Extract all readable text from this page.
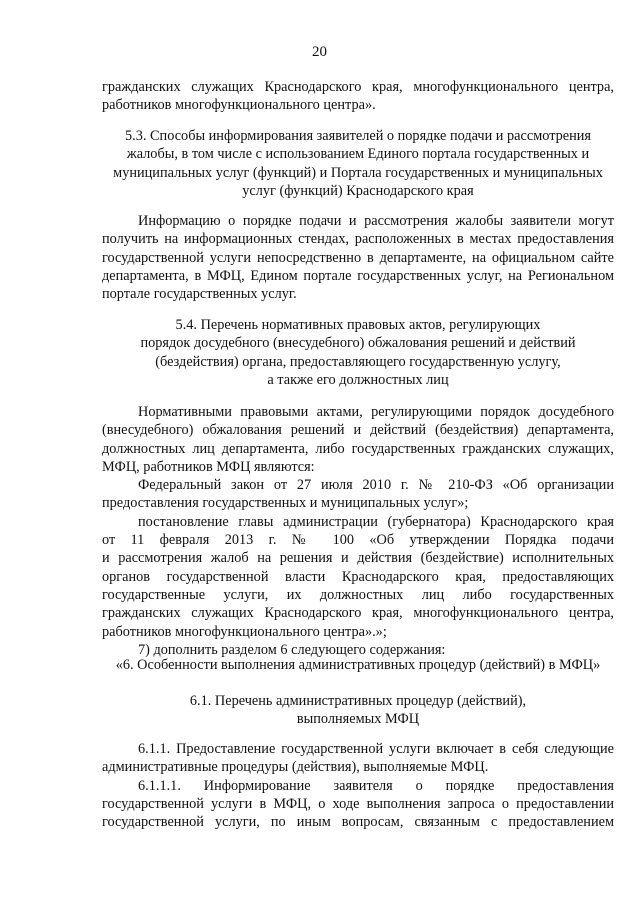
20
гражданских служащих Краснодарского края, многофункционального центра,
работников многофункционального центра».
5.3. Способы информирования заявителей о порядке подачи и рассмотрения
жалобы, в том числе с использованием Единого портала государственных и
муниципальных услуг (функций) и Портала государственных и муниципальных
услуг (функций) Краснодарского края
Информацию о порядке подачи и рассмотрения жалобы заявители могут
получить на информационных стендах, расположенных в местах предоставления
государственной услуги непосредственно в департаменте, на официальном сайте
департамента, в МФЦ, Едином портале государственных услуг, на Региональном
портале государственных услуг.
5.4. Перечень нормативных правовых актов, регулирующих
порядок досудебного (внесудебного) обжалования решений и действий
(бездействия) органа, предоставляющего государственную услугу,
а также его должностных лиц
Нормативными правовыми актами, регулирующими порядок досудебного
(внесудебного) обжалования решений и действий (бездействия) департамента,
должностных лиц департамента, либо государственных гражданских служащих,
МФЦ, работников МФЦ являются:
Федеральный закон от 27 июля 2010 г. № 210-ФЗ «Об организации
предоставления государственных и муниципальных услуг»;
постановление главы администрации (губернатора) Краснодарского края
от 11 февраля 2013 г. № 100 «Об утверждении Порядка подачи
и рассмотрения жалоб на решения и действия (бездействие) исполнительных
органов государственной власти Краснодарского края, предоставляющих
государственные услуги, их должностных лиц либо государственных
гражданских служащих Краснодарского края, многофункционального центра,
работников многофункционального центра».»;
7) дополнить разделом 6 следующего содержания:
«6. Особенности выполнения административных процедур (действий) в МФЦ»
6.1. Перечень административных процедур (действий),
выполняемых МФЦ
6.1.1. Предоставление государственной услуги включает в себя следующие
административные процедуры (действия), выполняемые МФЦ.
6.1.1.1. Информирование заявителя о порядке предоставления
государственной услуги в МФЦ, о ходе выполнения запроса о предоставлении
государственной услуги, по иным вопросам, связанным с предоставлением
